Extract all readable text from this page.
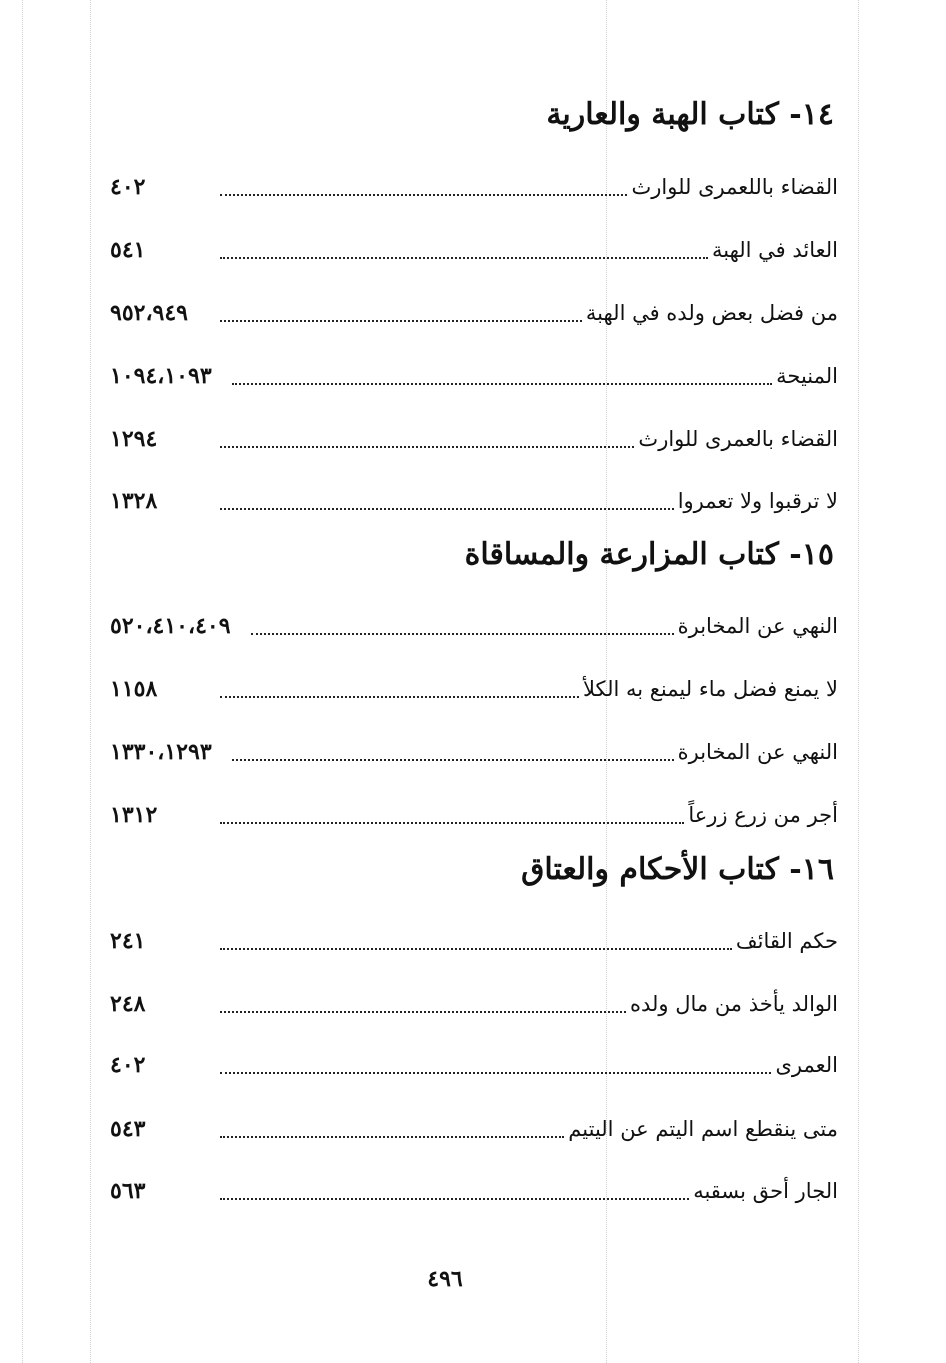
١٤- كتاب الهبة والعارية
القضاء باللعمرى للوارث
٤٠٢
العائد في الهبة
٥٤١
من فضل بعض ولده في الهبة
٩٥٢،٩٤٩
المنيحة
١٠٩٤،١٠٩٣
القضاء بالعمرى للوارث
١٢٩٤
لا ترقبوا ولا تعمروا
١٣٢٨
١٥- كتاب المزارعة والمساقاة
النهي عن المخابرة
٥٢٠،٤١٠،٤٠٩
لا يمنع فضل ماء ليمنع به الكلأ
١١٥٨
النهي عن المخابرة
١٣٣٠،١٢٩٣
أجر من زرع زرعاً
١٣١٢
١٦- كتاب الأحكام والعتاق
حكم القائف
٢٤١
الوالد يأخذ من مال ولده
٢٤٨
العمرى
٤٠٢
متى ينقطع اسم اليتم عن اليتيم
٥٤٣
الجار أحق بسقبه
٥٦٣
٤٩٦
